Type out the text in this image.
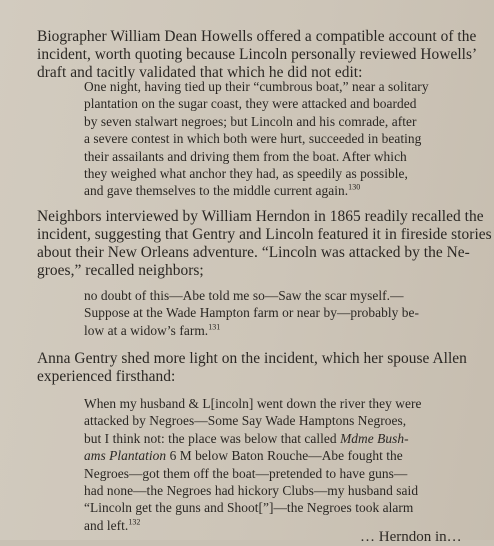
Biographer William Dean Howells offered a compatible account of the
incident, worth quoting because Lincoln personally reviewed Howells’
draft and tacitly validated that which he did not edit:

One night, having tied up their “cumbrous boat,” near a solitary
plantation on the sugar coast, they were attacked and boarded
by seven stalwart negroes; but Lincoln and his comrade, after
a severe contest in which both were hurt, succeeded in beating
their assailants and driving them from the boat. After which
they weighed what anchor they had, as speedily as possible,
and gave themselves to the middle current again.$^{130}$

Neighbors interviewed by William Herndon in 1865 readily recalled the
incident, suggesting that Gentry and Lincoln featured it in fireside stories
about their New Orleans adventure. “Lincoln was attacked by the Ne-
groes,” recalled neighbors;

no doubt of this—Abe told me so—Saw the scar myself.—
Suppose at the Wade Hampton farm or near by—probably be-
low at a widow’s farm.$^{131}$

Anna Gentry shed more light on the incident, which her spouse Allen
experienced firsthand:

When my husband & L[incoln] went down the river they were
attacked by Negroes—Some Say Wade Hamptons Negroes,
but I think not: the place was below that called Mdme Bush-
ams Plantation 6 M below Baton Rouche—Abe fought the
Negroes—got them off the boat—pretended to have guns—
had none—the Negroes had hickory Clubs—my husband said
“Lincoln get the guns and Shoot[”]—the Negroes took alarm
and left.$^{132}$

… Herndon in…
